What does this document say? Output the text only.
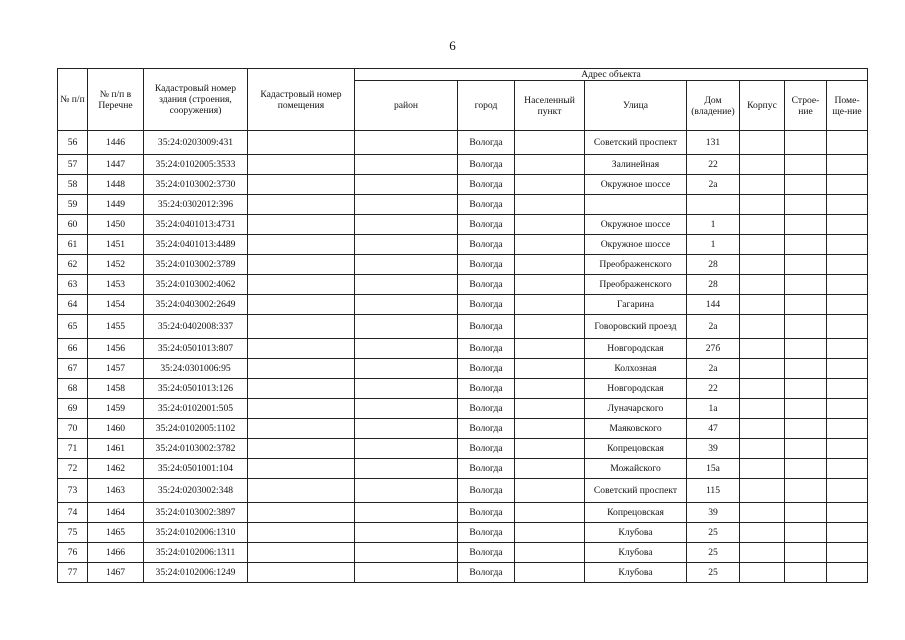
6
№ п/п	№ п/п в Перечне	Кадастровый номер здания (строения, сооружения)	Кадастровый номер помещения	Адрес объекта							
				район	город	Населенный пункт	Улица	Дом (владение)	Корпус	Строе-ние	Поме-ще-ние
56	1446	35:24:0203009:431			Вологда		Советский проспект	131			
57	1447	35:24:0102005:3533			Вологда		Залинейная	22			
58	1448	35:24:0103002:3730			Вологда		Окружное шоссе	2а			
59	1449	35:24:0302012:396			Вологда						
60	1450	35:24:0401013:4731			Вологда		Окружное шоссе	1			
61	1451	35:24:0401013:4489			Вологда		Окружное шоссе	1			
62	1452	35:24:0103002:3789			Вологда		Преображенского	28			
63	1453	35:24:0103002:4062			Вологда		Преображенского	28			
64	1454	35:24:0403002:2649			Вологда		Гагарина	144			
65	1455	35:24:0402008:337			Вологда		Говоровский проезд	2а			
66	1456	35:24:0501013:807			Вологда		Новгородская	27б			
67	1457	35:24:0301006:95			Вологда		Колхозная	2а			
68	1458	35:24:0501013:126			Вологда		Новгородская	22			
69	1459	35:24:0102001:505			Вологда		Луначарского	1а			
70	1460	35:24:0102005:1102			Вологда		Маяковского	47			
71	1461	35:24:0103002:3782			Вологда		Копрецовская	39			
72	1462	35:24:0501001:104			Вологда		Можайского	15а			
73	1463	35:24:0203002:348			Вологда		Советский проспект	115			
74	1464	35:24:0103002:3897			Вологда		Копрецовская	39			
75	1465	35:24:0102006:1310			Вологда		Клубова	25			
76	1466	35:24:0102006:1311			Вологда		Клубова	25			
77	1467	35:24:0102006:1249			Вологда		Клубова	25			
